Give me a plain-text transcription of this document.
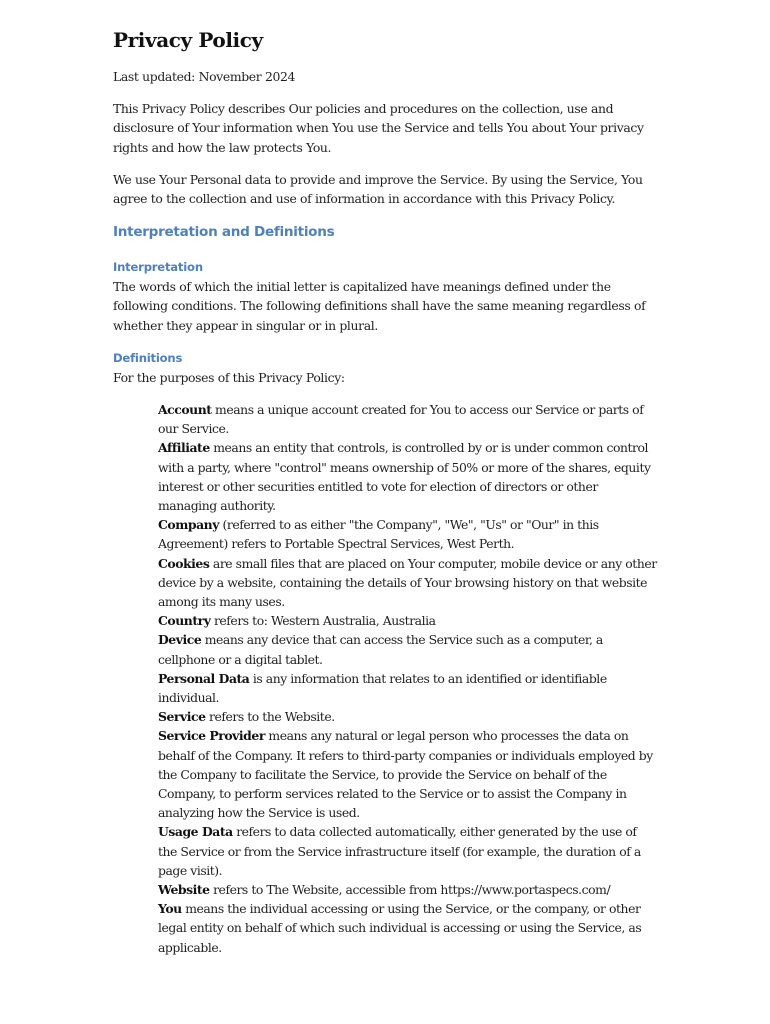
Privacy Policy

Last updated: November 2024

This Privacy Policy describes Our policies and procedures on the collection, use and disclosure of Your information when You use the Service and tells You about Your privacy rights and how the law protects You.

We use Your Personal data to provide and improve the Service. By using the Service, You agree to the collection and use of information in accordance with this Privacy Policy.

Interpretation and Definitions
Interpretation

The words of which the initial letter is capitalized have meanings defined under the following conditions. The following definitions shall have the same meaning regardless of whether they appear in singular or in plural.

Definitions

For the purposes of this Privacy Policy:

Account means a unique account created for You to access our Service or parts of our Service.
Affiliate means an entity that controls, is controlled by or is under common control with a party, where "control" means ownership of 50% or more of the shares, equity interest or other securities entitled to vote for election of directors or other managing authority.
Company (referred to as either "the Company", "We", "Us" or "Our" in this Agreement) refers to Portable Spectral Services, West Perth.
Cookies are small files that are placed on Your computer, mobile device or any other device by a website, containing the details of Your browsing history on that website among its many uses.
Country refers to: Western Australia, Australia
Device means any device that can access the Service such as a computer, a cellphone or a digital tablet.
Personal Data is any information that relates to an identified or identifiable individual.
Service refers to the Website.
Service Provider means any natural or legal person who processes the data on behalf of the Company. It refers to third-party companies or individuals employed by the Company to facilitate the Service, to provide the Service on behalf of the Company, to perform services related to the Service or to assist the Company in analyzing how the Service is used.
Usage Data refers to data collected automatically, either generated by the use of the Service or from the Service infrastructure itself (for example, the duration of a page visit).
Website refers to The Website, accessible from https://www.portaspecs.com/
You means the individual accessing or using the Service, or the company, or other legal entity on behalf of which such individual is accessing or using the Service, as applicable.
